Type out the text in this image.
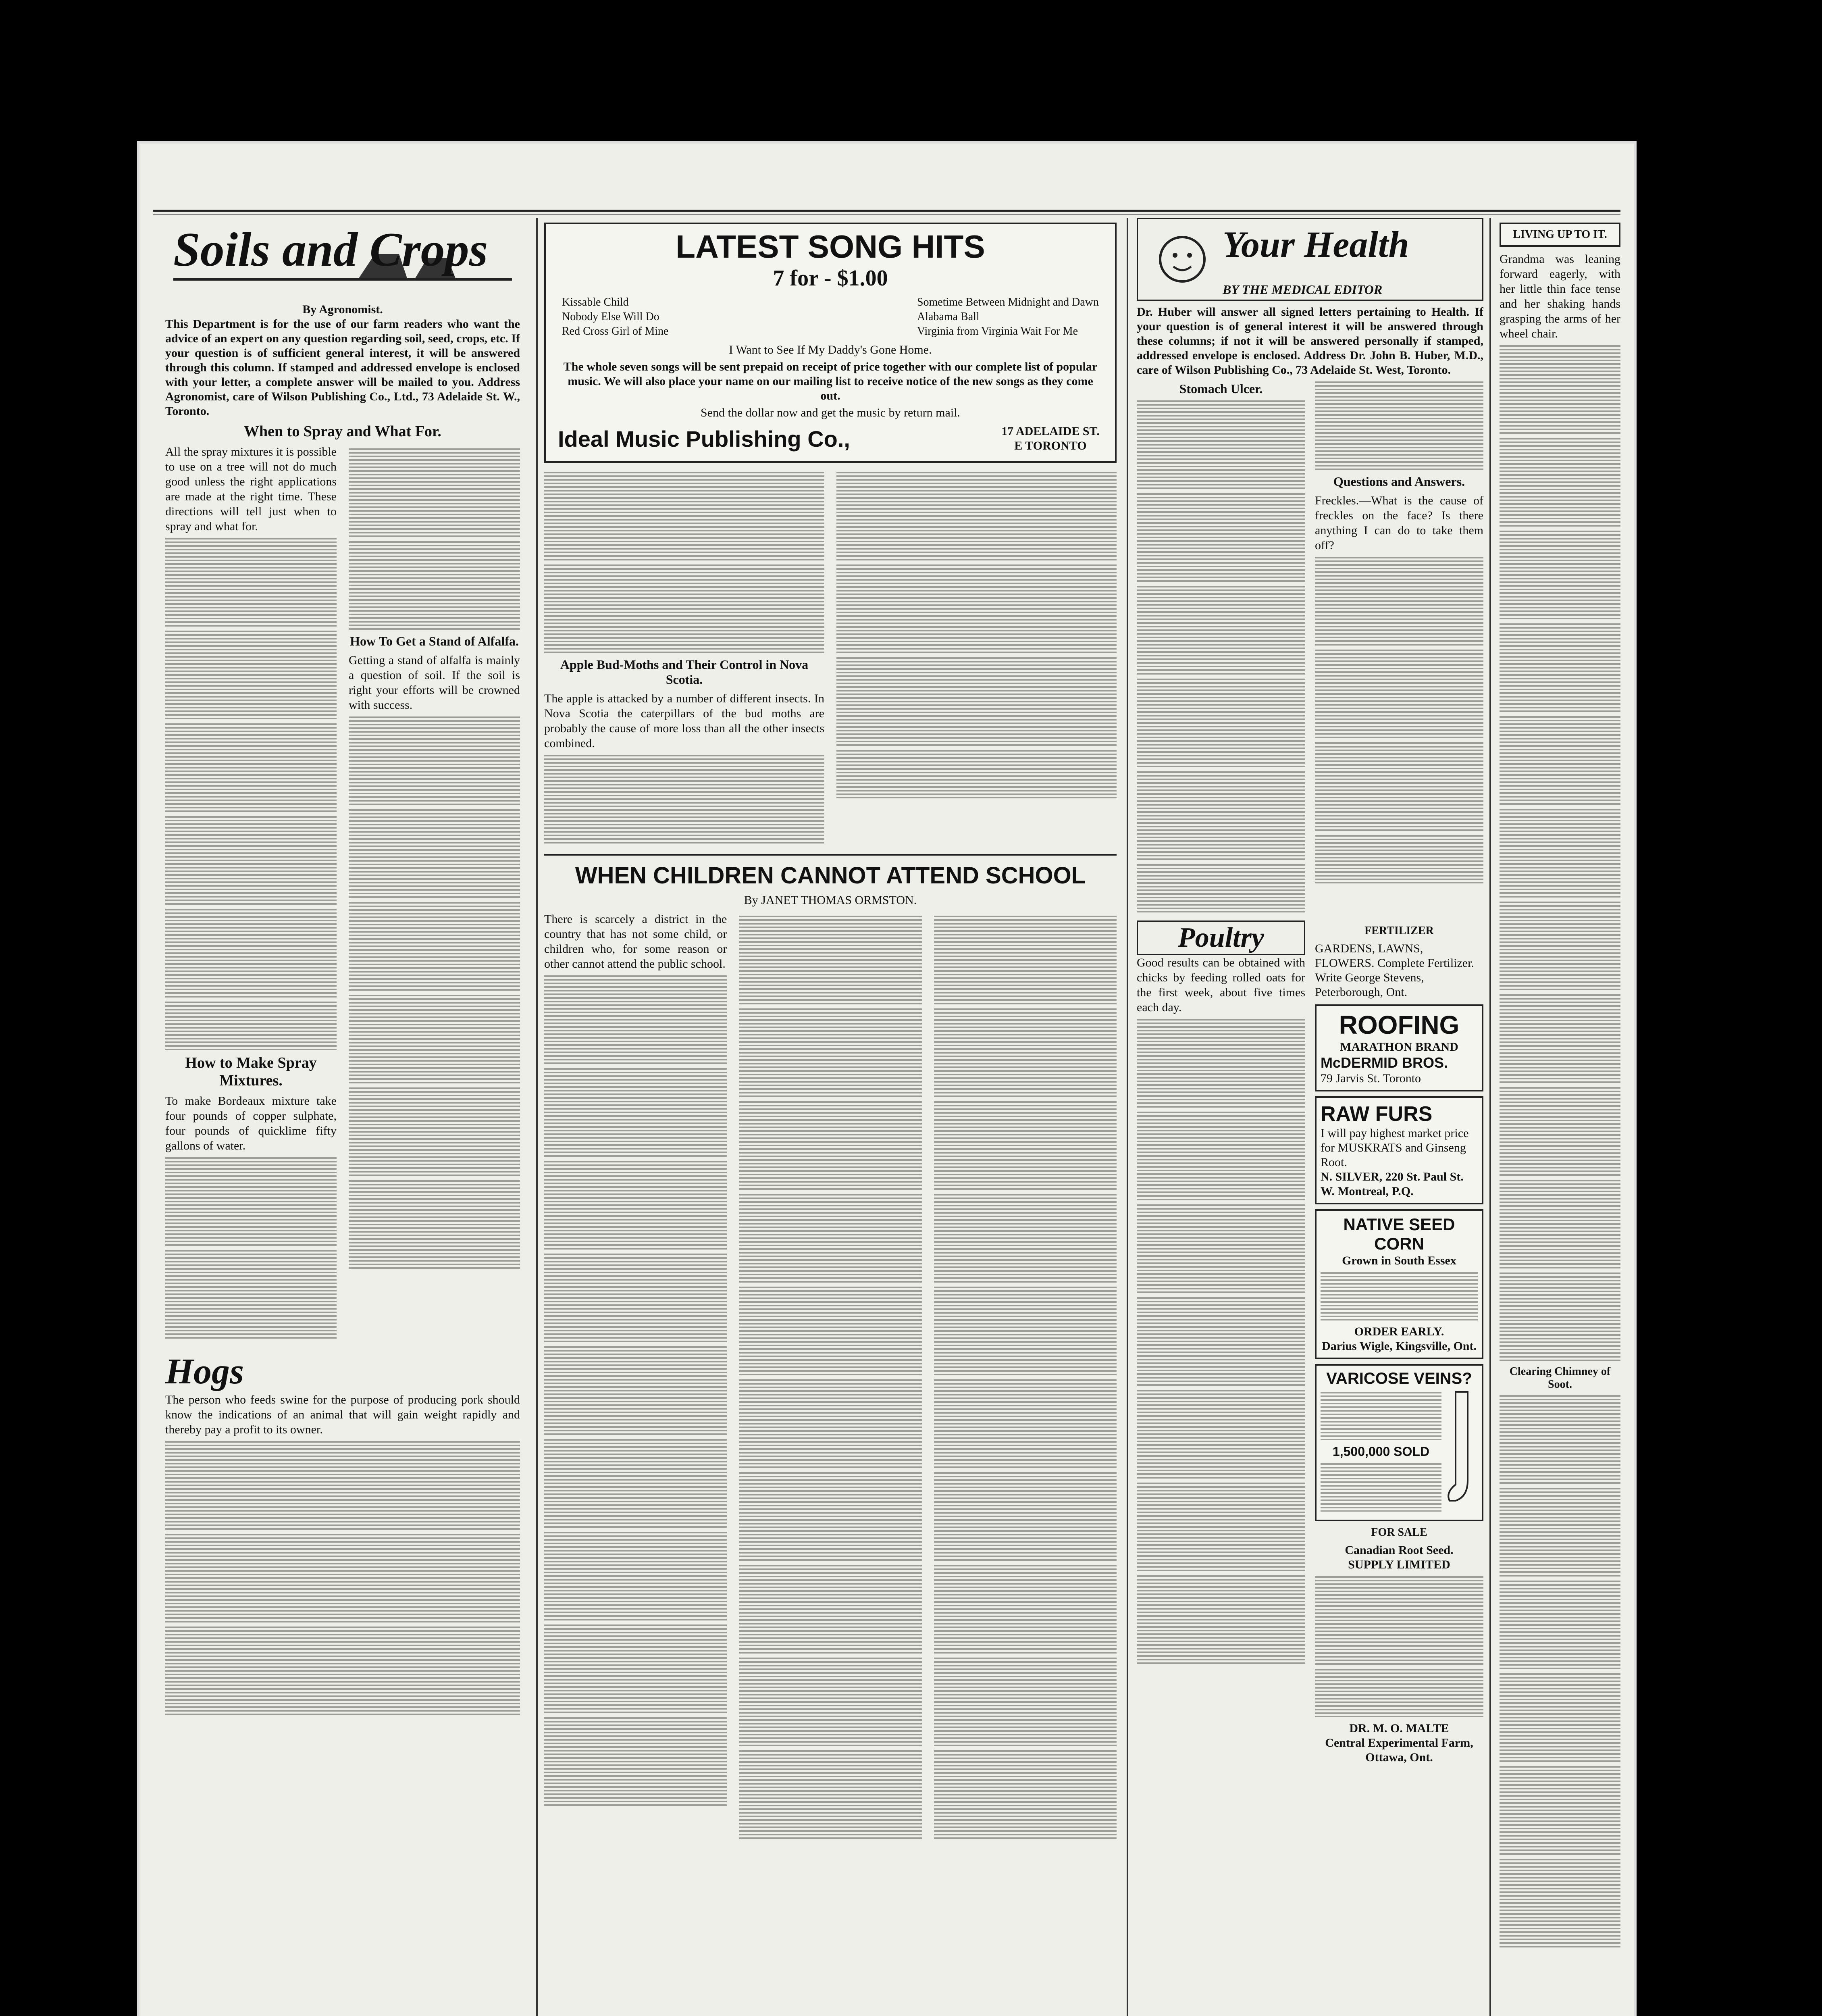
Soils and Crops
By Agronomist.
This Department is for the use of our farm readers who want the advice of an expert on any question regarding soil, seed, crops, etc. If your question is of sufficient general interest, it will be answered through this column. If stamped and addressed envelope is enclosed with your letter, a complete answer will be mailed to you. Address Agronomist, care of Wilson Publishing Co., Ltd., 73 Adelaide St. W., Toronto.
When to Spray and What For.
All the spray mixtures it is possible to use on a tree will not do much good unless the right applications are made at the right time. These directions will tell just when to spray and what for.
How to Make Spray Mixtures.
To make Bordeaux mixture take four pounds of copper sulphate, four pounds of quicklime fifty gallons of water.
How To Get a Stand of Alfalfa.
Getting a stand of alfalfa is mainly a question of soil. If the soil is right your efforts will be crowned with success.
Hogs
The person who feeds swine for the purpose of producing pork should know the indications of an animal that will gain weight rapidly and thereby pay a profit to its owner.
LATEST SONG HITS
7 for - $1.00
Kissable Child
Nobody Else Will Do
Red Cross Girl of Mine
Sometime Between Midnight and Dawn
Alabama Ball
Virginia from Virginia Wait For Me
I Want to See If My Daddy's Gone Home.
The whole seven songs will be sent prepaid on receipt of price together with our complete list of popular music. We will also place your name on our mailing list to receive notice of the new songs as they come out.
Send the dollar now and get the music by return mail.
Ideal Music Publishing Co.,	17 ADELAIDE ST. E TORONTO
Apple Bud-Moths and Their Control in Nova Scotia.
The apple is attacked by a number of different insects. In Nova Scotia the caterpillars of the bud moths are probably the cause of more loss than all the other insects combined.
WHEN CHILDREN CANNOT ATTEND SCHOOL
By JANET THOMAS ORMSTON.
There is scarcely a district in the country that has not some child, or children who, for some reason or other cannot attend the public school.
Your Health
BY THE MEDICAL EDITOR
Dr. Huber will answer all signed letters pertaining to Health. If your question is of general interest it will be answered through these columns; if not it will be answered personally if stamped, addressed envelope is enclosed. Address Dr. John B. Huber, M.D., care of Wilson Publishing Co., 73 Adelaide St. West, Toronto.
Stomach Ulcer.
Questions and Answers.
Freckles.—What is the cause of freckles on the face? Is there anything I can do to take them off?
Poultry
Good results can be obtained with chicks by feeding rolled oats for the first week, about five times each day.
FERTILIZER
GARDENS, LAWNS, FLOWERS. Complete Fertilizer. Write George Stevens, Peterborough, Ont.
ROOFING
MARATHON BRAND
McDERMID BROS.
79 Jarvis St. Toronto
RAW FURS
I will pay highest market price for MUSKRATS and Ginseng Root.
N. SILVER, 220 St. Paul St. W. Montreal, P.Q.
NATIVE SEED CORN
Grown in South Essex
ORDER EARLY.
Darius Wigle, Kingsville, Ont.
VARICOSE VEINS?
1,500,000 SOLD
FOR SALE
Canadian Root Seed.
SUPPLY LIMITED
DR. M. O. MALTE
Central Experimental Farm, Ottawa, Ont.
LIVING UP TO IT.
Grandma was leaning forward eagerly, with her little thin face tense and her shaking hands grasping the arms of her wheel chair.
Clearing Chimney of Soot.
